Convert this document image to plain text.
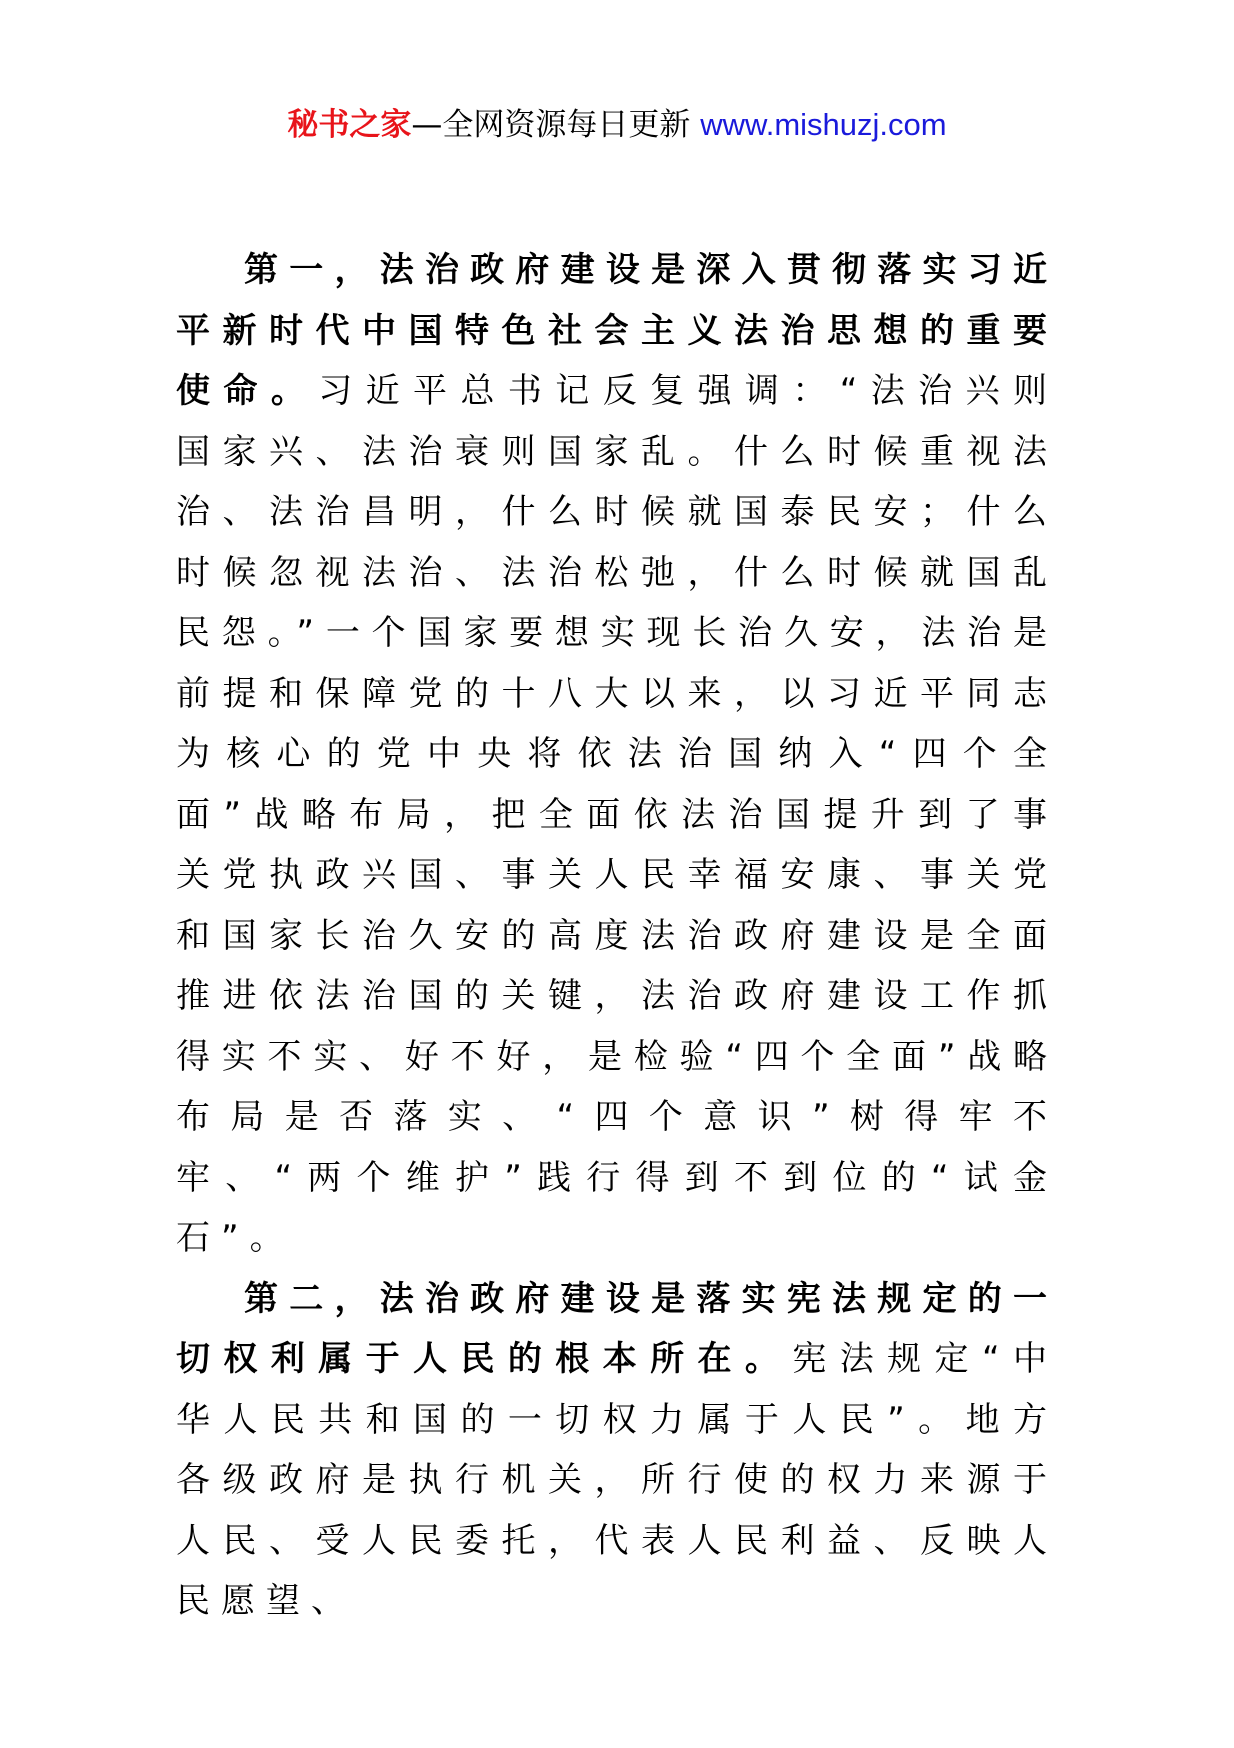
秘书之家—全网资源每日更新 www.mishuzj.com

第一，法治政府建设是深入贯彻落实习近平新时代中国特色社会主义法治思想的重要使命。习近平总书记反复强调：“法治兴则国家兴、法治衰则国家乱。什么时候重视法治、法治昌明，什么时候就国泰民安；什么时候忽视法治、法治松弛，什么时候就国乱民怨。”一个国家要想实现长治久安，法治是前提和保障党的十八大以来，以习近平同志为核心的党中央将依法治国纳入“四个全面”战略布局，把全面依法治国提升到了事关党执政兴国、事关人民幸福安康、事关党和国家长治久安的高度法治政府建设是全面推进依法治国的关键，法治政府建设工作抓得实不实、好不好，是检验“四个全面”战略布局是否落实、“四个意识”树得牢不牢、“两个维护”践行得到不到位的“试金石”。

第二，法治政府建设是落实宪法规定的一切权利属于人民的根本所在。宪法规定“中华人民共和国的一切权力属于人民”。地方各级政府是执行机关，所行使的权力来源于人民、受人民委托，代表人民利益、反映人民愿望、
